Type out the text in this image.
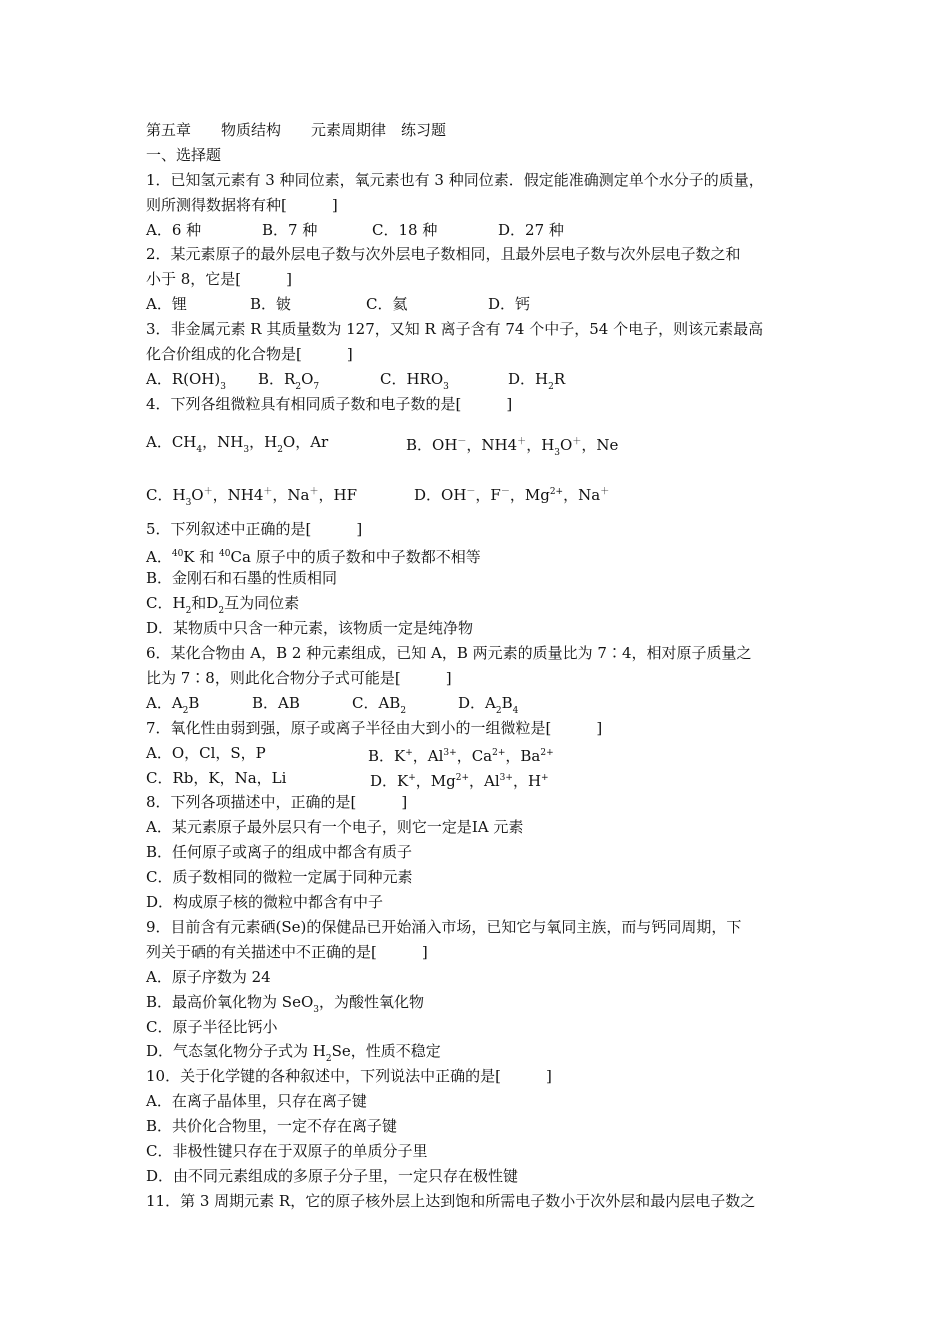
第五章　　物质结构　　元素周期律　练习题
一、选择题
1．已知氢元素有 3 种同位素，氧元素也有 3 种同位素．假定能准确测定单个水分子的质量，
则所测得数据将有种[　　　]
A．6 种	B．7 种	C．18 种	D．27 种
2．某元素原子的最外层电子数与次外层电子数相同，且最外层电子数与次外层电子数之和
小于 8，它是[　　　]
A．锂	B．铍	C．氦	D．钙
3．非金属元素 R 其质量数为 127，又知 R 离子含有 74 个中子，54 个电子，则该元素最高
化合价组成的化合物是[　　　]
A．$R(OH)_3$	B．$R_2O_7$	C．$HRO_3$	D．$H_2R$
4．下列各组微粒具有相同质子数和电子数的是[　　　]
A．$CH_4$，$NH_3$，$H_2O$，Ar	B．OH－，NH4＋，$H_3O^+$，Ne
C．$H_3O^+$，NH4＋，Na＋，HF	D．OH－，F－，$Mg^{2+}$，Na＋
5．下列叙述中正确的是[　　　]
A．$^{40}$K 和 $^{40}$Ca 原子中的质子数和中子数都不相等
B．金刚石和石墨的性质相同
C．$H_2$和$D_2$互为同位素
D．某物质中只含一种元素，该物质一定是纯净物
6．某化合物由 A，B 2 种元素组成，已知 A，B 两元素的质量比为 7∶4，相对原子质量之
比为 7∶8，则此化合物分子式可能是[　　　]
A．$A_2B$	B．AB	C．$AB_2$	D．$A_2B_4$
7．氧化性由弱到强，原子或离子半径由大到小的一组微粒是[　　　]
A．O，Cl，S，P	B．K+，$Al^{3+}$，$Ca^{2+}$，$Ba^{2+}$
C．Rb，K，Na，Li	D．K+，$Mg^{2+}$，$Al^{3+}$，H+
8．下列各项描述中，正确的是[　　　]
A．某元素原子最外层只有一个电子，则它一定是ⅠA 元素
B．任何原子或离子的组成中都含有质子
C．质子数相同的微粒一定属于同种元素
D．构成原子核的微粒中都含有中子
9．目前含有元素硒(Se)的保健品已开始涌入市场，已知它与氧同主族，而与钙同周期，下
列关于硒的有关描述中不正确的是[　　　]
A．原子序数为 24
B．最高价氧化物为 SeO$_3$，为酸性氧化物
C．原子半径比钙小
D．气态氢化物分子式为 $H_2Se$，性质不稳定
10．关于化学键的各种叙述中，下列说法中正确的是[　　　]
A．在离子晶体里，只存在离子键
B．共价化合物里，一定不存在离子键
C．非极性键只存在于双原子的单质分子里
D．由不同元素组成的多原子分子里，一定只存在极性键
11．第 3 周期元素 R，它的原子核外层上达到饱和所需电子数小于次外层和最内层电子数之
